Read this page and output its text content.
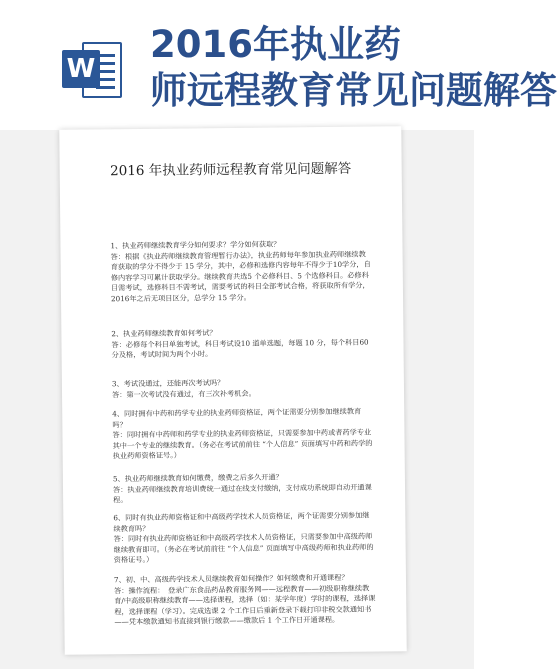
W
2016年执业药
师远程教育常见问题解答
2016 年执业药师远程教育常见问题解答

1、执业药师继续教育学分如何要求？学分如何获取？

答：根据《执业药师继续教育管理暂行办法》，执业药师每年参加执业药师继续教育获取的学分不得少于 15 学分，其中，必修和选修内容每年不得少于10学分，自修内容学习可累计获取学分。继续教育共选5 个必修科目、5 个选修科目。必修科目需考试，选修科目不需考试，需要考试的科目全部考试合格，将获取所有学分， 2016年之后无项目区分，总学分 15 学分。

2、执业药师继续教育如何考试？

答：必修每个科目单独考试，科目考试设10 道单选题，每题 10 分，每个科目60 分及格，考试时间为两个小时。

3、考试没通过，还能再次考试吗？

答：第一次考试没有通过，有三次补考机会。

4、同时拥有中药和药学专业的执业药师资格证，两个证需要分别参加继续教育吗？

答：同时拥有中药师和药学专业的执业药师资格证，只需要参加中药或者药学专业其中一个专业的继续教育。（务必在考试前前往 “个人信息” 页面填写中药和药学的执业药师资格证号。）

5、执业药师继续教育如何缴费，缴费之后多久开通？

答：执业药师继续教育培训费统一通过在线支付缴纳，支付成功系统即自动开通课程。

6、同时有执业药师资格证和中高级药学技术人员资格证，两个证需要分别参加继续教育吗？

答：同时有执业药师资格证和中高级药学技术人员资格证，只需要参加中高级药师继续教育即可。（务必在考试前前往 “个人信息” 页面填写中高级药师和执业药师的资格证号。）

7、初、中、高级药学技术人员继续教育如何操作？如何缴费和开通课程？

答：操作流程：　登录广东食品药品教育服务网——远程教育——初级职称继续教育/中高级职称继续教育——选择课程，选择（如：某学年度）学时的课程，选择课程，选择课程（学习）。完成选课 2 个工作日后重新登录下载打印非税交款通知书——凭本缴款通知书直接到银行缴款——缴款后 1 个工作日开通课程。
